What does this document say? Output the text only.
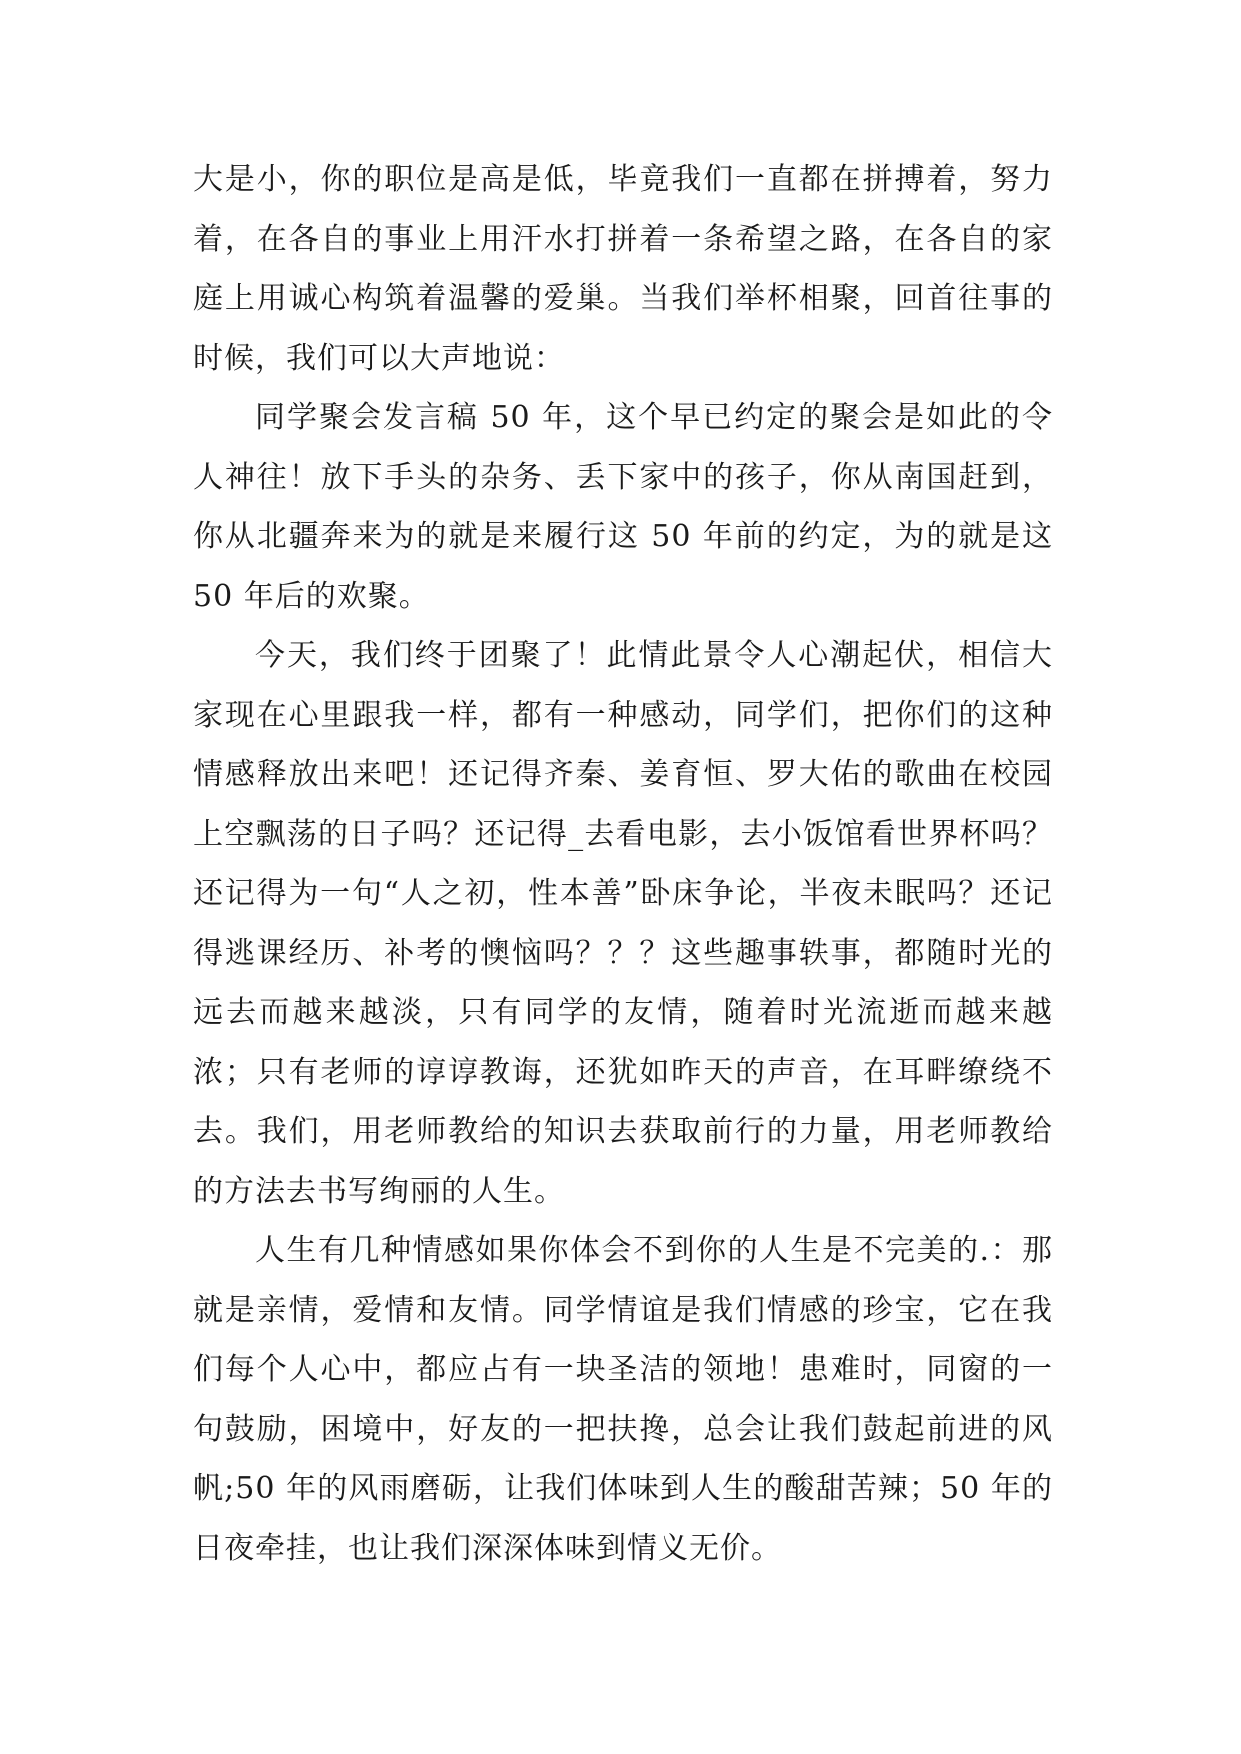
大是小，你的职位是高是低，毕竟我们一直都在拼搏着，努力着，在各自的事业上用汗水打拼着一条希望之路，在各自的家庭上用诚心构筑着温馨的爱巢。当我们举杯相聚，回首往事的时候，我们可以大声地说：

同学聚会发言稿 50 年，这个早已约定的聚会是如此的令人神往！放下手头的杂务、丢下家中的孩子，你从南国赶到，你从北疆奔来为的就是来履行这 50 年前的约定，为的就是这 50 年后的欢聚。

今天，我们终于团聚了！此情此景令人心潮起伏，相信大家现在心里跟我一样，都有一种感动，同学们，把你们的这种情感释放出来吧！还记得齐秦、姜育恒、罗大佑的歌曲在校园上空飘荡的日子吗？还记得_去看电影，去小饭馆看世界杯吗？还记得为一句“人之初，性本善”卧床争论，半夜未眠吗？还记得逃课经历、补考的懊恼吗？？？这些趣事轶事，都随时光的远去而越来越淡，只有同学的友情，随着时光流逝而越来越浓；只有老师的谆谆教诲，还犹如昨天的声音，在耳畔缭绕不去。我们，用老师教给的知识去获取前行的力量，用老师教给的方法去书写绚丽的人生。

人生有几种情感如果你体会不到你的人生是不完美的.：那就是亲情，爱情和友情。同学情谊是我们情感的珍宝，它在我们每个人心中，都应占有一块圣洁的领地！患难时，同窗的一句鼓励，困境中，好友的一把扶搀，总会让我们鼓起前进的风帆;50 年的风雨磨砺，让我们体味到人生的酸甜苦辣；50 年的日夜牵挂，也让我们深深体味到情义无价。
